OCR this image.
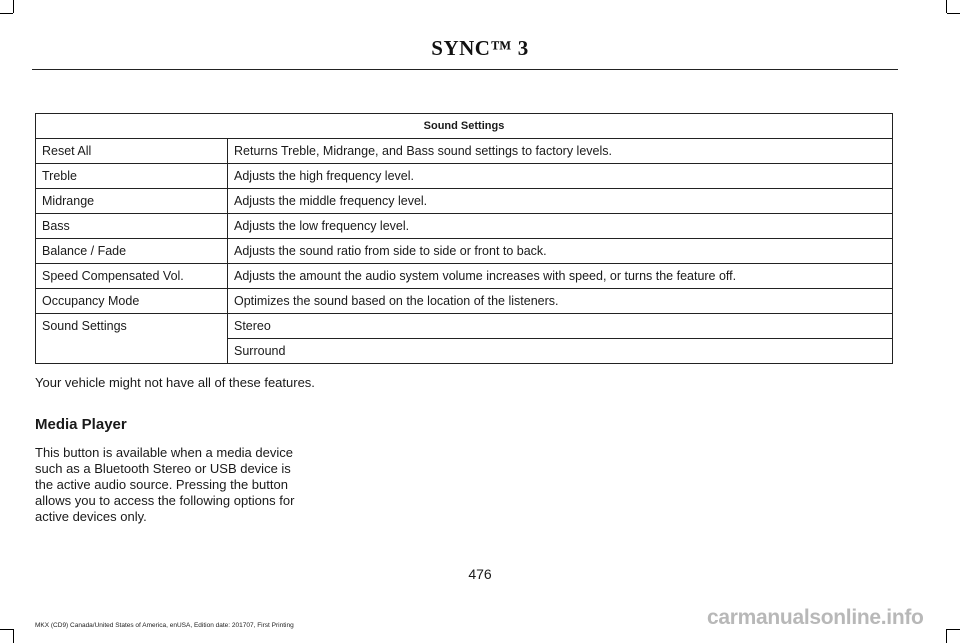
SYNC™ 3
Sound Settings	
Reset All	Returns Treble, Midrange, and Bass sound settings to factory levels.
Treble	Adjusts the high frequency level.
Midrange	Adjusts the middle frequency level.
Bass	Adjusts the low frequency level.
Balance / Fade	Adjusts the sound ratio from side to side or front to back.
Speed Compensated Vol.	Adjusts the amount the audio system volume increases with speed, or turns the feature off.
Occupancy Mode	Optimizes the sound based on the location of the listeners.
Sound Settings	Stereo
	Surround
Your vehicle might not have all of these features.
Media Player
This button is available when a media device such as a Bluetooth Stereo or USB device is the active audio source. Pressing the button allows you to access the following options for active devices only.
476
MKX (CD9) Canada/United States of America, enUSA, Edition date: 201707, First Printing	carmanualsonline.info
